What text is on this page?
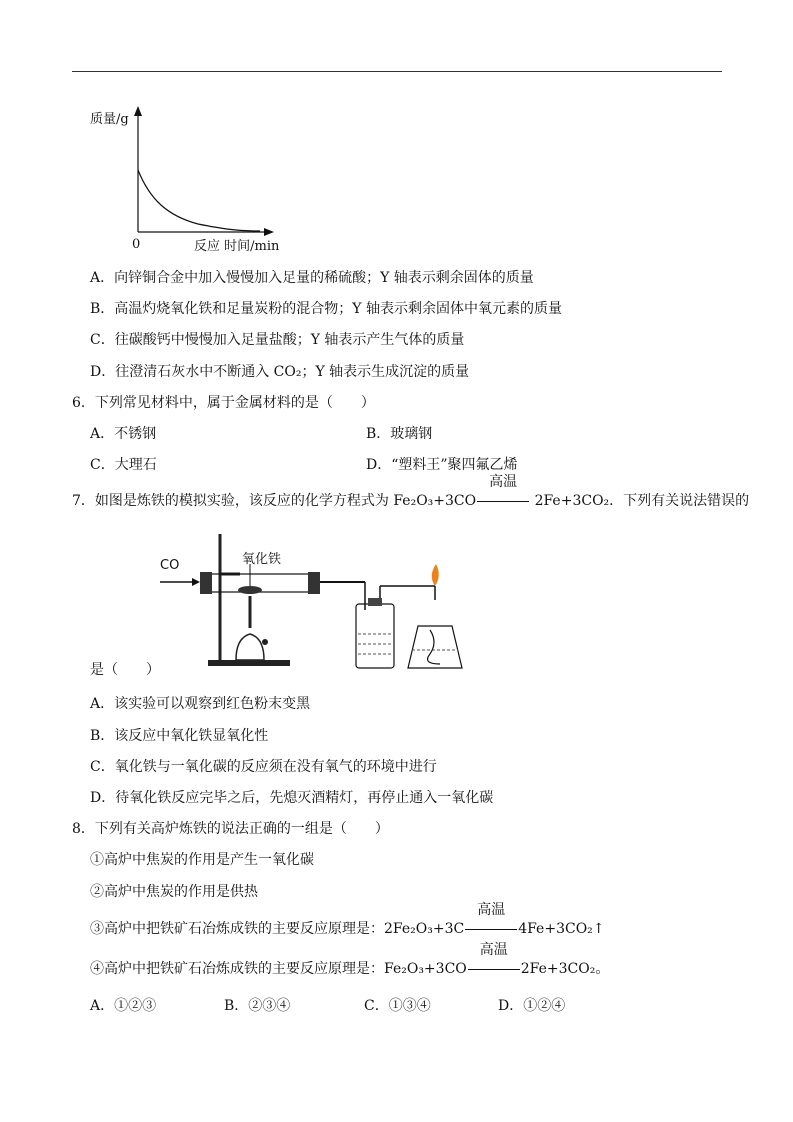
质量/g
0	反应 时间/min
A．向锌铜合金中加入慢慢加入足量的稀硫酸；Y 轴表示剩余固体的质量
B．高温灼烧氧化铁和足量炭粉的混合物；Y 轴表示剩余固体中氧元素的质量
C．往碳酸钙中慢慢加入足量盐酸；Y 轴表示产生气体的质量
D．往澄清石灰水中不断通入 CO₂；Y 轴表示生成沉淀的质量
6．下列常见材料中，属于金属材料的是（　　）
A．不锈钢	B．玻璃钢
C．大理石	D．“塑料王”聚四氟乙烯
7．如图是炼铁的模拟实验，该反应的化学方程式为 Fe₂O₃+3CO
高温
2Fe+3CO₂．下列有关说法错误的
CO	氧化铁
是（　　）
A．该实验可以观察到红色粉末变黑
B．该反应中氧化铁显氧化性
C．氧化铁与一氧化碳的反应须在没有氧气的环境中进行
D．待氧化铁反应完毕之后，先熄灭酒精灯，再停止通入一氧化碳
8．下列有关高炉炼铁的说法正确的一组是（　　）
①高炉中焦炭的作用是产生一氧化碳
②高炉中焦炭的作用是供热
③高炉中把铁矿石冶炼成铁的主要反应原理是：2Fe₂O₃+3C
高温
4Fe+3CO₂↑
④高炉中把铁矿石冶炼成铁的主要反应原理是：Fe₂O₃+3CO
高温
2Fe+3CO₂。
A．①②③	B．②③④	C．①③④	D．①②④
